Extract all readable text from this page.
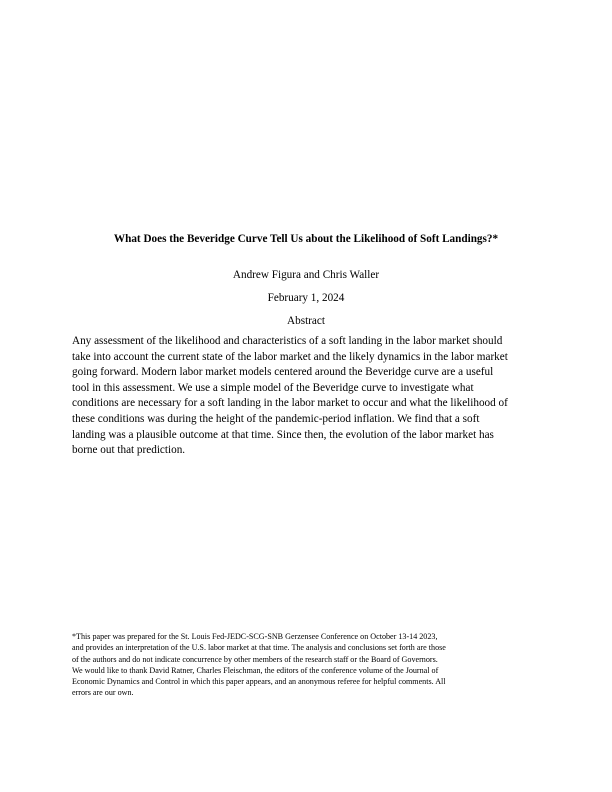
What Does the Beveridge Curve Tell Us about the Likelihood of Soft Landings?*

Andrew Figura and Chris Waller

February 1, 2024

Abstract

Any assessment of the likelihood and characteristics of a soft landing in the labor market should
take into account the current state of the labor market and the likely dynamics in the labor market
going forward. Modern labor market models centered around the Beveridge curve are a useful
tool in this assessment. We use a simple model of the Beveridge curve to investigate what
conditions are necessary for a soft landing in the labor market to occur and what the likelihood of
these conditions was during the height of the pandemic-period inflation. We find that a soft
landing was a plausible outcome at that time. Since then, the evolution of the labor market has
borne out that prediction.
*This paper was prepared for the St. Louis Fed-JEDC-SCG-SNB Gerzensee Conference on October 13-14 2023,
and provides an interpretation of the U.S. labor market at that time. The analysis and conclusions set forth are those
of the authors and do not indicate concurrence by other members of the research staff or the Board of Governors.
We would like to thank David Ratner, Charles Fleischman, the editors of the conference volume of the Journal of
Economic Dynamics and Control in which this paper appears, and an anonymous referee for helpful comments. All
errors are our own.
